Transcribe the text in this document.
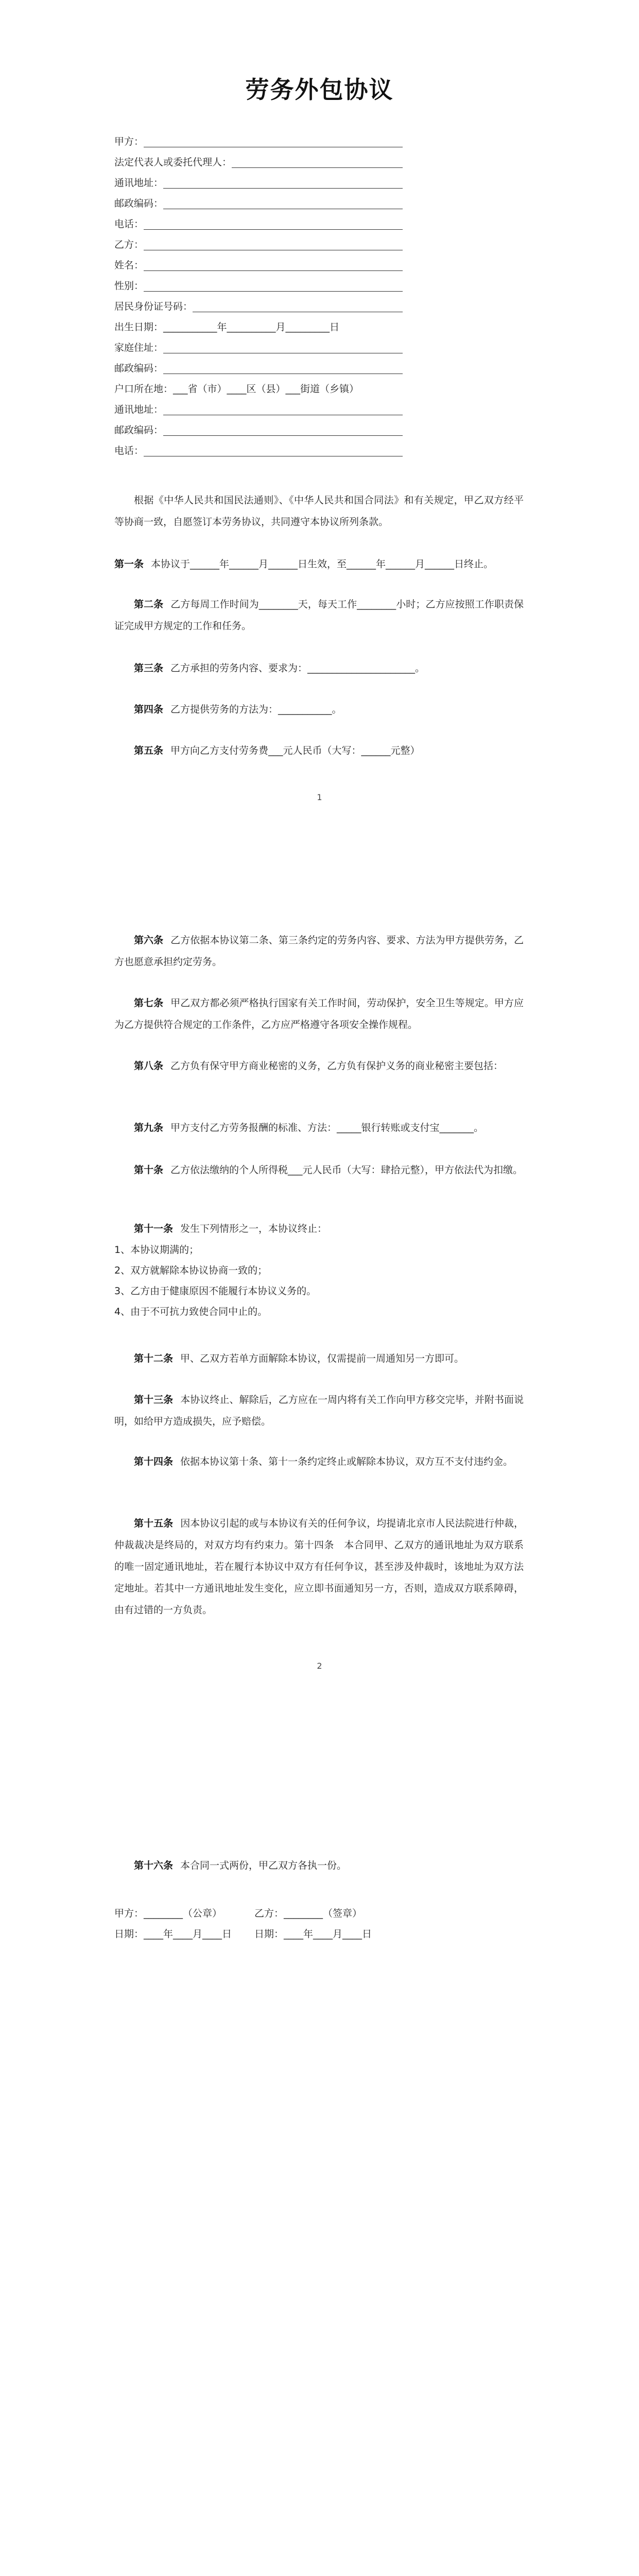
劳务外包协议
甲方：
法定代表人或委托代理人：
通讯地址：
邮政编码：
电话：
乙方：
姓名：
性别：
居民身份证号码：
出生日期：___________年__________月_________日
家庭住址：
邮政编码：
户口所在地：___省（市）____区（县）___街道（乡镇）
通讯地址：
邮政编码：
电话：
根据《中华人民共和国民法通则》、《中华人民共和国合同法》和有关规定，甲乙双方经平等协商一致，自愿签订本劳务协议，共同遵守本协议所列条款。
第一条 本协议于______年______月______日生效，至______年______月______日终止。
第二条 乙方每周工作时间为________天，每天工作________小时；乙方应按照工作职责保证完成甲方规定的工作和任务。
第三条 乙方承担的劳务内容、要求为：______________________。
第四条 乙方提供劳务的方法为：___________。
第五条 甲方向乙方支付劳务费___元人民币（大写：______元整）
1
第六条 乙方依据本协议第二条、第三条约定的劳务内容、要求、方法为甲方提供劳务，乙方也愿意承担约定劳务。
第七条 甲乙双方都必须严格执行国家有关工作时间，劳动保护，安全卫生等规定。甲方应为乙方提供符合规定的工作条件，乙方应严格遵守各项安全操作规程。
第八条 乙方负有保守甲方商业秘密的义务，乙方负有保护义务的商业秘密主要包括：
第九条 甲方支付乙方劳务报酬的标准、方法：_____银行转账或支付宝_______。
第十条 乙方依法缴纳的个人所得税___元人民币（大写：肆拾元整），甲方依法代为扣缴。
第十一条 发生下列情形之一，本协议终止：
1、本协议期满的；
2、双方就解除本协议协商一致的；
3、乙方由于健康原因不能履行本协议义务的。
4、由于不可抗力致使合同中止的。
第十二条 甲、乙双方若单方面解除本协议，仅需提前一周通知另一方即可。
第十三条 本协议终止、解除后，乙方应在一周内将有关工作向甲方移交完毕，并附书面说明，如给甲方造成损失，应予赔偿。
第十四条 依据本协议第十条、第十一条约定终止或解除本协议，双方互不支付违约金。
第十五条 因本协议引起的或与本协议有关的任何争议，均提请北京市人民法院进行仲裁，仲裁裁决是终局的，对双方均有约束力。第十四条　本合同甲、乙双方的通讯地址为双方联系的唯一固定通讯地址，若在履行本协议中双方有任何争议，甚至涉及仲裁时，该地址为双方法定地址。若其中一方通讯地址发生变化，应立即书面通知另一方，否则，造成双方联系障碍，由有过错的一方负责。
2
第十六条 本合同一式两份，甲乙双方各执一份。
甲方：________（公章）	乙方：________（签章）
日期：____年____月____日 日期：____年____月____日
